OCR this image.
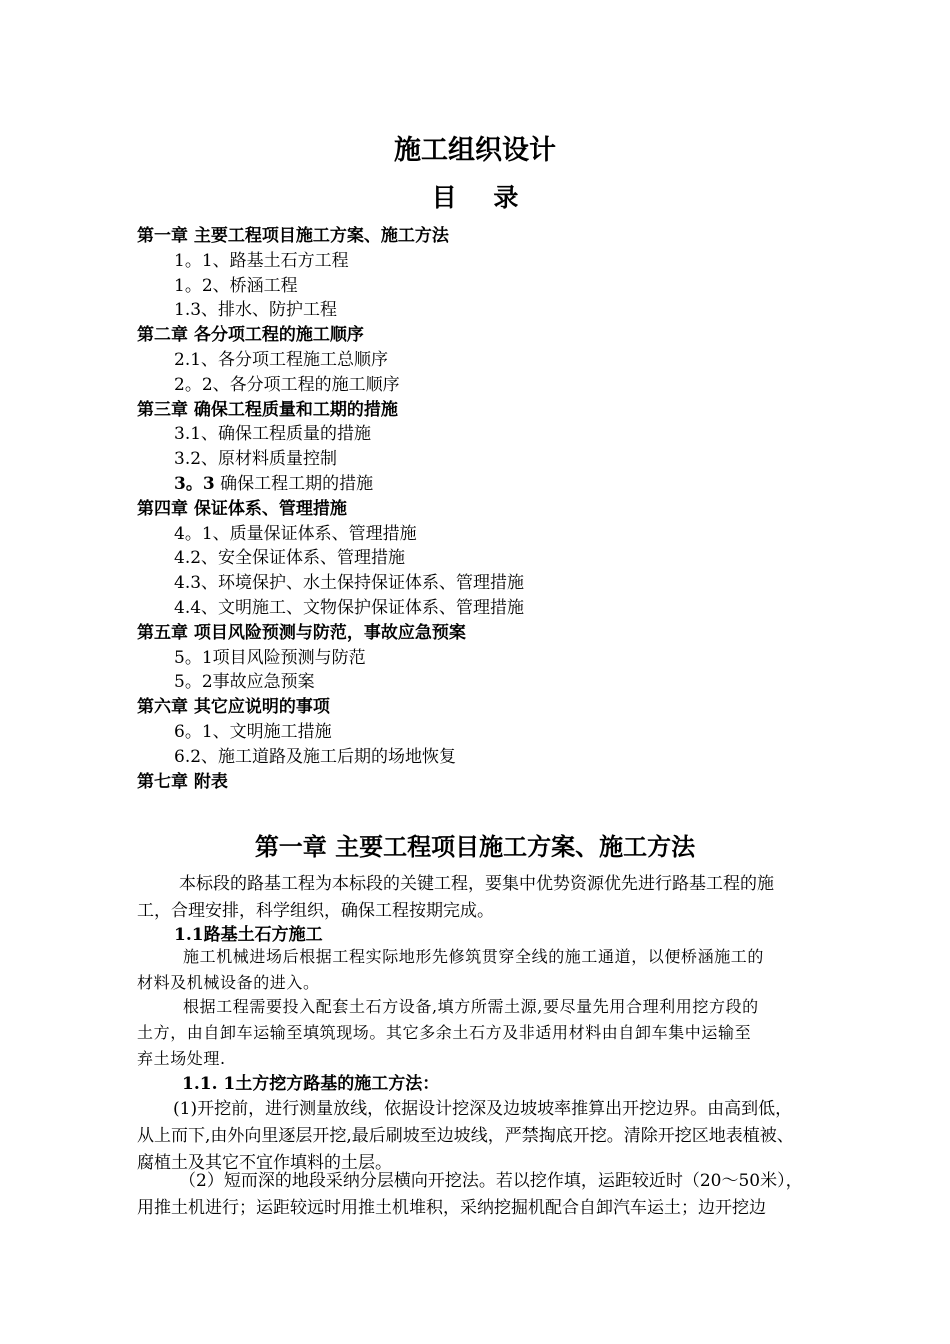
施工组织设计
目 录
第一章 主要工程项目施工方案、施工方法
1。1、路基土石方工程
1。2、桥涵工程
1.3、排水、防护工程
第二章 各分项工程的施工顺序
2.1、各分项工程施工总顺序
2。2、各分项工程的施工顺序
第三章 确保工程质量和工期的措施
3.1、确保工程质量的措施
3.2、原材料质量控制
3。3 确保工程工期的措施
第四章 保证体系、管理措施
4。1、质量保证体系、管理措施
4.2、安全保证体系、管理措施
4.3、环境保护、水土保持保证体系、管理措施
4.4、文明施工、文物保护保证体系、管理措施
第五章 项目风险预测与防范，事故应急预案
5。1项目风险预测与防范
5。2事故应急预案
第六章 其它应说明的事项
6。1、文明施工措施
6.2、施工道路及施工后期的场地恢复
第七章 附表
第一章 主要工程项目施工方案、施工方法
本标段的路基工程为本标段的关键工程，要集中优势资源优先进行路基工程的施
工，合理安排，科学组织，确保工程按期完成。
1.1路基土石方施工
施工机械进场后根据工程实际地形先修筑贯穿全线的施工通道，以便桥涵施工的
材料及机械设备的进入。
根据工程需要投入配套土石方设备,填方所需土源,要尽量先用合理利用挖方段的
土方，由自卸车运输至填筑现场。其它多余土石方及非适用材料由自卸车集中运输至
弃土场处理.
1.1. 1土方挖方路基的施工方法：
(1)开挖前，进行测量放线，依据设计挖深及边坡坡率推算出开挖边界。由高到低，
从上而下,由外向里逐层开挖,最后刷坡至边坡线，严禁掏底开挖。清除开挖区地表植被、
腐植土及其它不宜作填料的土层。
（2）短而深的地段采纳分层横向开挖法。若以挖作填，运距较近时（20～50米），
用推土机进行；运距较远时用推土机堆积，采纳挖掘机配合自卸汽车运土；边开挖边
